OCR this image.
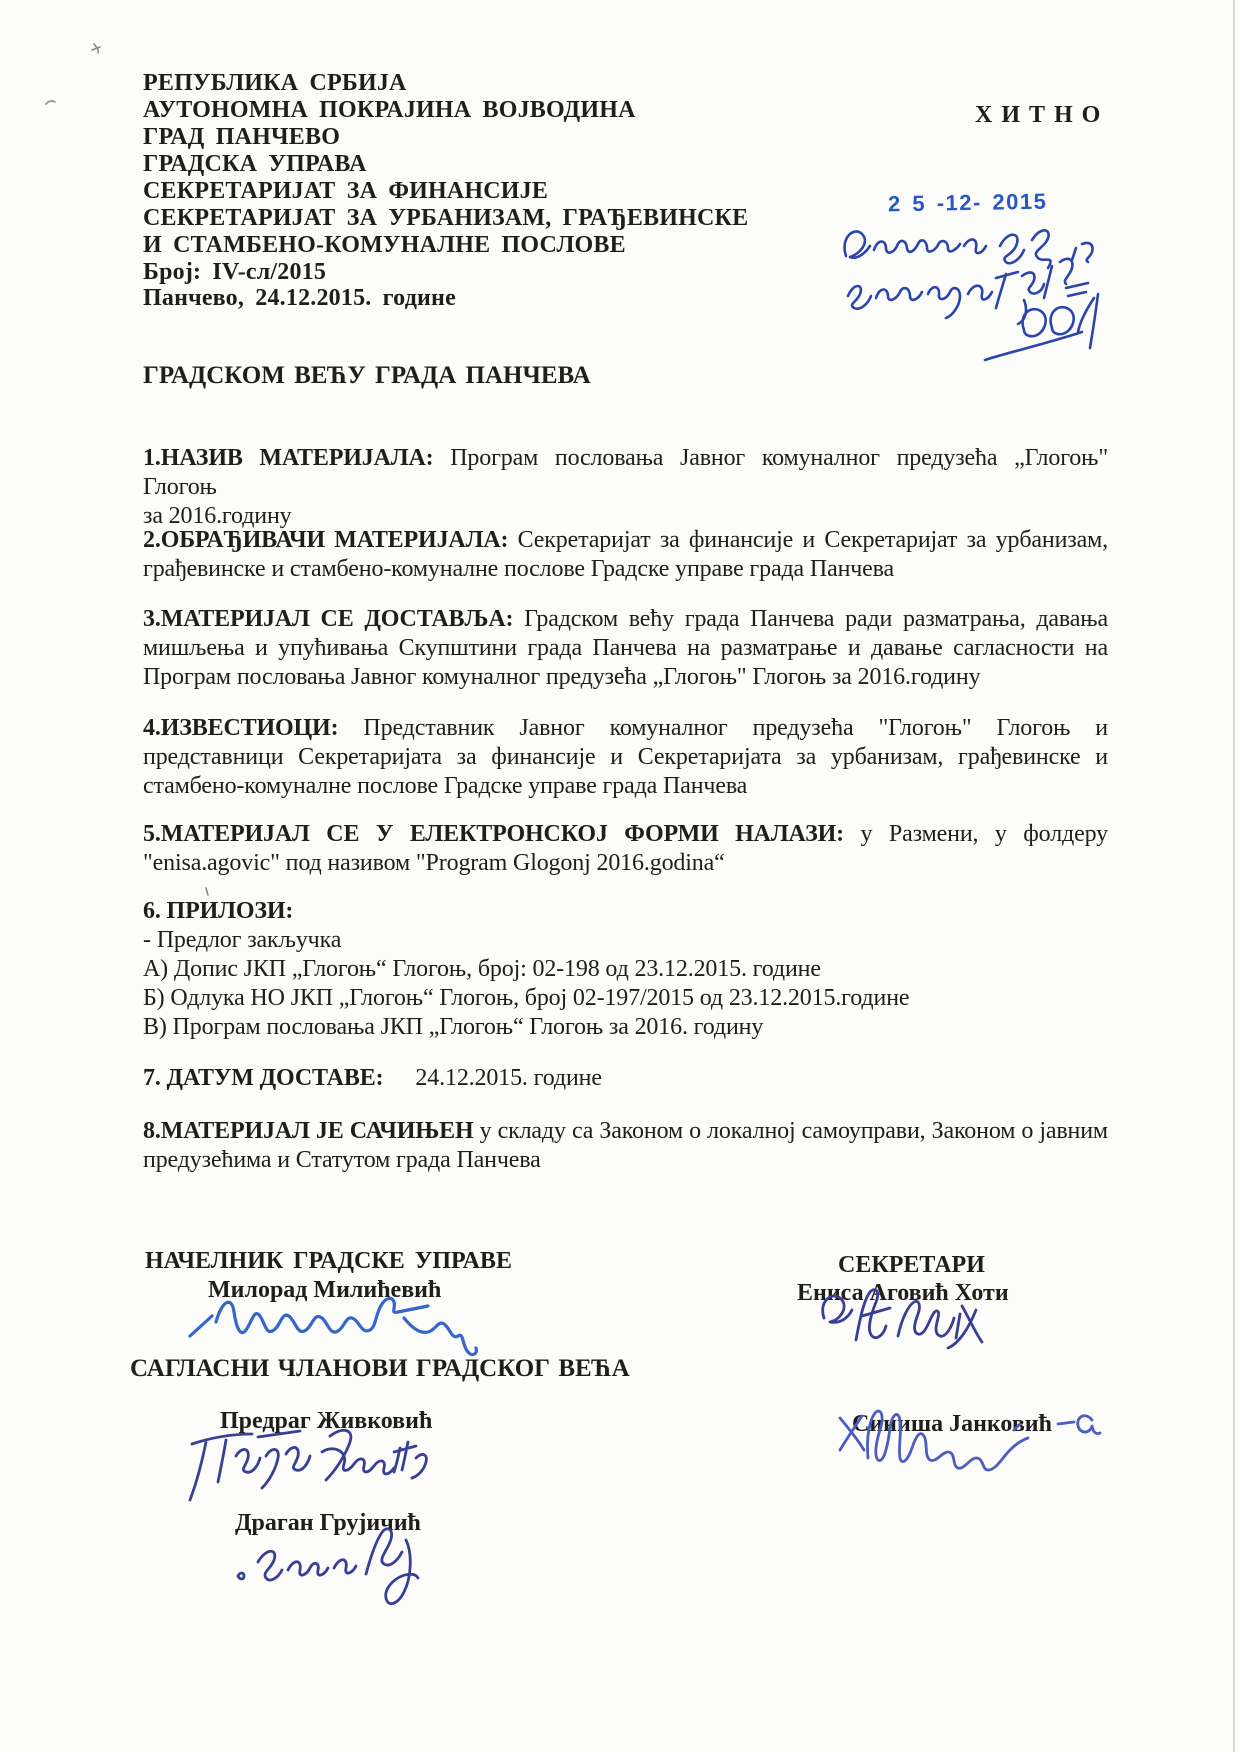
РЕПУБЛИКА СРБИЈА
АУТОНОМНА ПОКРАЈИНА ВОЈВОДИНА
ГРАД ПАНЧЕВО
ГРАДСКА УПРАВА
СЕКРЕТАРИЈАТ ЗА ФИНАНСИЈЕ
СЕКРЕТАРИЈАТ ЗА УРБАНИЗАМ, ГРАЂЕВИНСКЕ
И СТАМБЕНО-КОМУНАЛНЕ ПОСЛОВЕ
Број: IV-сл/2015
Панчево, 24.12.2015. године
ХИТНО
2 5 -12- 2015
ГРАДСКОМ ВЕЋУ ГРАДА ПАНЧЕВА
1.НАЗИВ МАТЕРИЈАЛА: Програм пословања Јавног комуналног предузећа „Глогоњ" Глогоњ
за 2016.годину
2.ОБРАЂИВАЧИ МАТЕРИЈАЛА: Секретаријат за финансије и Секретаријат за урбанизам,
грађевинске и стамбено-комуналне послове Градске управе града Панчева
3.МАТЕРИЈАЛ СЕ ДОСТАВЉА: Градском већу града Панчева ради разматрања, давања
мишљења и упућивања Скупштини града Панчева на разматрање и давање сагласности на
Програм пословања Јавног комуналног предузећа „Глогоњ" Глогоњ за 2016.годину
4.ИЗВЕСТИОЦИ: Представник Јавног комуналног предузећа "Глогоњ" Глогоњ и
представници Секретаријата за финансије и Секретаријата за урбанизам, грађевинске и
стамбено-комуналне послове Градске управе града Панчева
5.МАТЕРИЈАЛ СЕ У ЕЛЕКТРОНСКОЈ ФОРМИ НАЛАЗИ: у Размени, у фолдеру
"enisa.agovic" под називом "Program Glogonj 2016.godina“
6. ПРИЛОЗИ:
- Предлог закључка
А) Допис ЈКП „Глогоњ“ Глогоњ, број: 02-198 од 23.12.2015. године
Б) Одлука НО ЈКП „Глогоњ“ Глогоњ, број 02-197/2015 од 23.12.2015.године
В) Програм пословања ЈКП „Глогоњ“ Глогоњ за 2016. годину
7. ДАТУМ ДОСТАВЕ: 24.12.2015. године
8.МАТЕРИЈАЛ ЈЕ САЧИЊЕН у складу са Законом о локалној самоуправи, Законом о јавним
предузећима и Статутом града Панчева
НАЧЕЛНИК ГРАДСКЕ УПРАВЕ
Милорад Милићевић
СЕКРЕТАРИ
Ениса Аговић Хоти
САГЛАСНИ ЧЛАНОВИ ГРАДСКОГ ВЕЋА
Предраг Живковић	Синиша Јанковић
Драган Грујичић
